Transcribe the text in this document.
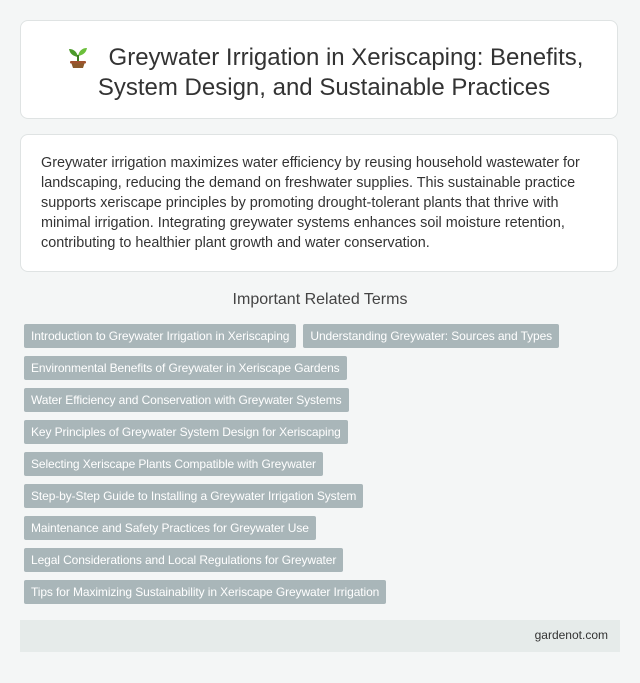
Greywater Irrigation in Xeriscaping: Benefits, System Design, and Sustainable Practices

Greywater irrigation maximizes water efficiency by reusing household wastewater for landscaping, reducing the demand on freshwater supplies. This sustainable practice supports xeriscape principles by promoting drought-tolerant plants that thrive with minimal irrigation. Integrating greywater systems enhances soil moisture retention, contributing to healthier plant growth and water conservation.

Important Related Terms
Introduction to Greywater Irrigation in Xeriscaping	Understanding Greywater: Sources and Types
Environmental Benefits of Greywater in Xeriscape Gardens
Water Efficiency and Conservation with Greywater Systems
Key Principles of Greywater System Design for Xeriscaping
Selecting Xeriscape Plants Compatible with Greywater
Step-by-Step Guide to Installing a Greywater Irrigation System
Maintenance and Safety Practices for Greywater Use
Legal Considerations and Local Regulations for Greywater
Tips for Maximizing Sustainability in Xeriscape Greywater Irrigation
gardenot.com
